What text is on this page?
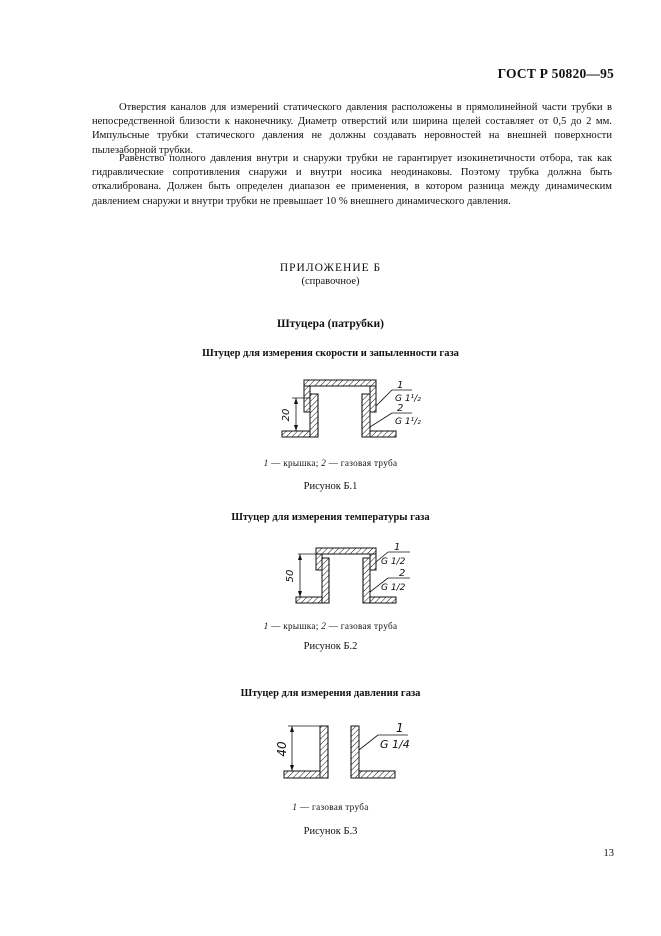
ГОСТ Р 50820—95

Отверстия каналов для измерений статического давления расположены в прямолинейной части трубки в непосредственной близости к наконечнику. Диаметр отверстий или ширина щелей составляет от 0,5 до 2 мм. Импульсные трубки статического давления не должны создавать неровностей на внешней поверхности пылезаборной трубки.

Равенство полного давления внутри и снаружи трубки не гарантирует изокинетичности отбора, так как гидравлические сопротивления снаружи и внутри носика неодинаковы. Поэтому трубка должна быть откалибрована. Должен быть определен диапазон ее применения, в котором разница между динамическим давлением снаружи и внутри трубки не превышает 10 % внешнего динамического давления.

ПРИЛОЖЕНИЕ Б
(справочное)
Штуцера (патрубки)
Штуцер для измерения скорости и запыленности газа
20
1
G 1¹/₂
2
G 1¹/₂
1 — крышка; 2 — газовая труба
Рисунок Б.1
Штуцер для измерения температуры газа
50
1
G 1/2
2
G 1/2
1 — крышка; 2 — газовая труба
Рисунок Б.2
Штуцер для измерения давления газа
40
1
G 1/4
1 — газовая труба
Рисунок Б.3
13
